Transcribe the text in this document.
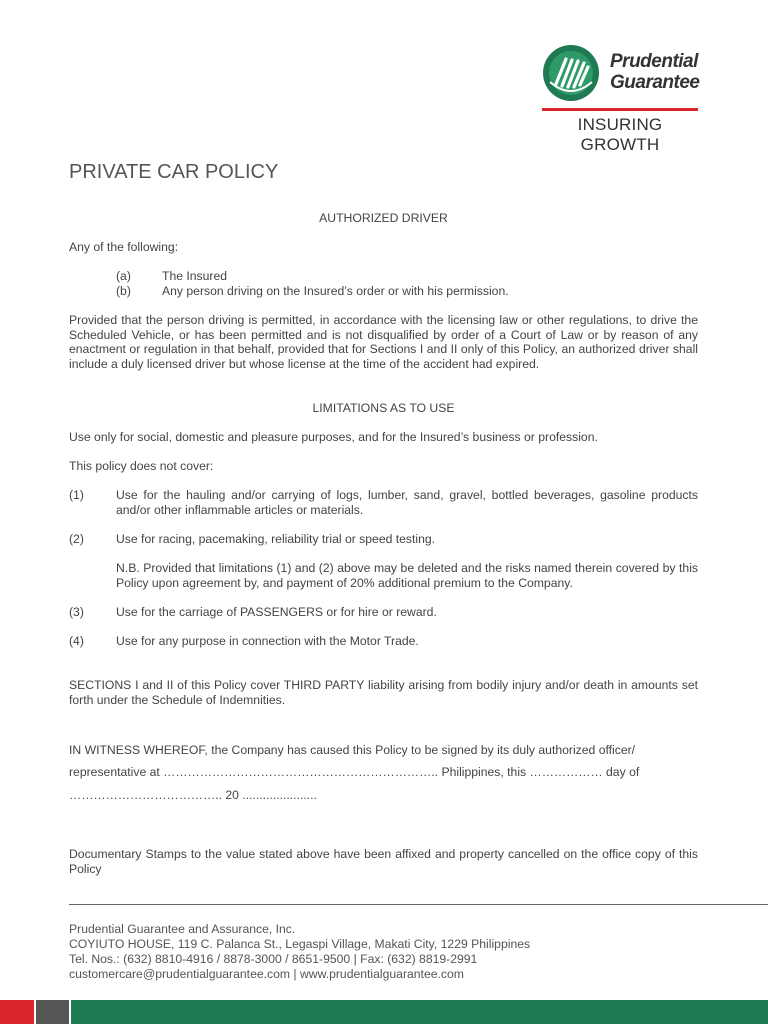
Prudential
Guarantee
INSURING GROWTH
PRIVATE CAR POLICY
AUTHORIZED DRIVER
Any of the following:
(a)	The Insured
(b)	Any person driving on the Insured’s order or with his permission.
Provided that the person driving is permitted, in accordance with the licensing law or other regulations, to drive the Scheduled Vehicle, or has been permitted and is not disqualified by order of a Court of Law or by reason of any enactment or regulation in that behalf, provided that for Sections I and II only of this Policy, an authorized driver shall include a duly licensed driver but whose license at the time of the accident had expired.
LIMITATIONS AS TO USE
Use only for social, domestic and pleasure purposes, and for the Insured’s business or profession.
This policy does not cover:
(1)	Use for the hauling and/or carrying of logs, lumber, sand, gravel, bottled beverages, gasoline products and/or other inflammable articles or materials.
(2)	Use for racing, pacemaking, reliability trial or speed testing.
N.B. Provided that limitations (1) and (2) above may be deleted and the risks named therein covered by this Policy upon agreement by, and payment of 20% additional premium to the Company.
(3)	Use for the carriage of PASSENGERS or for hire or reward.
(4)	Use for any purpose in connection with the Motor Trade.
SECTIONS I and II of this Policy cover THIRD PARTY liability arising from bodily injury and/or death in amounts set forth under the Schedule of Indemnities.
IN WITNESS WHEREOF, the Company has caused this Policy to be signed by its duly authorized officer/
representative at ………………………………………………………….. Philippines, this ……………… day of
……………………………….. 20 ......................
Documentary Stamps to the value stated above have been affixed and property cancelled on the office copy of this Policy
Prudential Guarantee and Assurance, Inc.
COYIUTO HOUSE, 119 C. Palanca St., Legaspi Village, Makati City, 1229 Philippines
Tel. Nos.: (632) 8810-4916 / 8878-3000 / 8651-9500 | Fax: (632) 8819-2991
customercare@prudentialguarantee.com | www.prudentialguarantee.com
